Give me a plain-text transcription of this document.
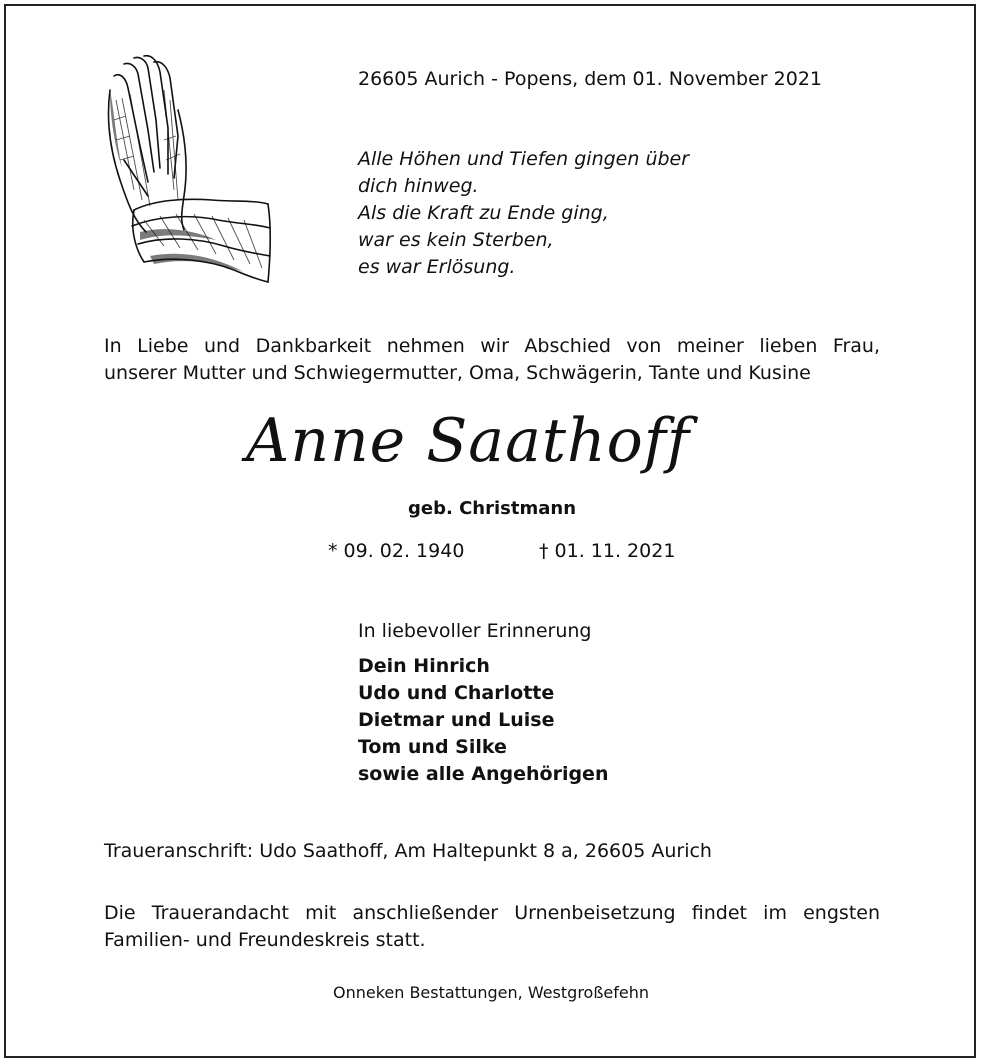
26605 Aurich - Popens, dem 01. November 2021
Alle Höhen und Tiefen gingen über
dich hinweg.
Als die Kraft zu Ende ging,
war es kein Sterben,
es war Erlösung.
In Liebe und Dankbarkeit nehmen wir Abschied von meiner lieben Frau,
unserer Mutter und Schwiegermutter, Oma, Schwägerin, Tante und Kusine
Anne Saathoff
geb. Christmann
* 09. 02. 1940	† 01. 11. 2021
In liebevoller Erinnerung
Dein Hinrich
Udo und Charlotte
Dietmar und Luise
Tom und Silke
sowie alle Angehörigen
Traueranschrift: Udo Saathoff, Am Haltepunkt 8 a, 26605 Aurich
Die Trauerandacht mit anschließender Urnenbeisetzung findet im engsten
Familien- und Freundeskreis statt.
Onneken Bestattungen, Westgroßefehn
